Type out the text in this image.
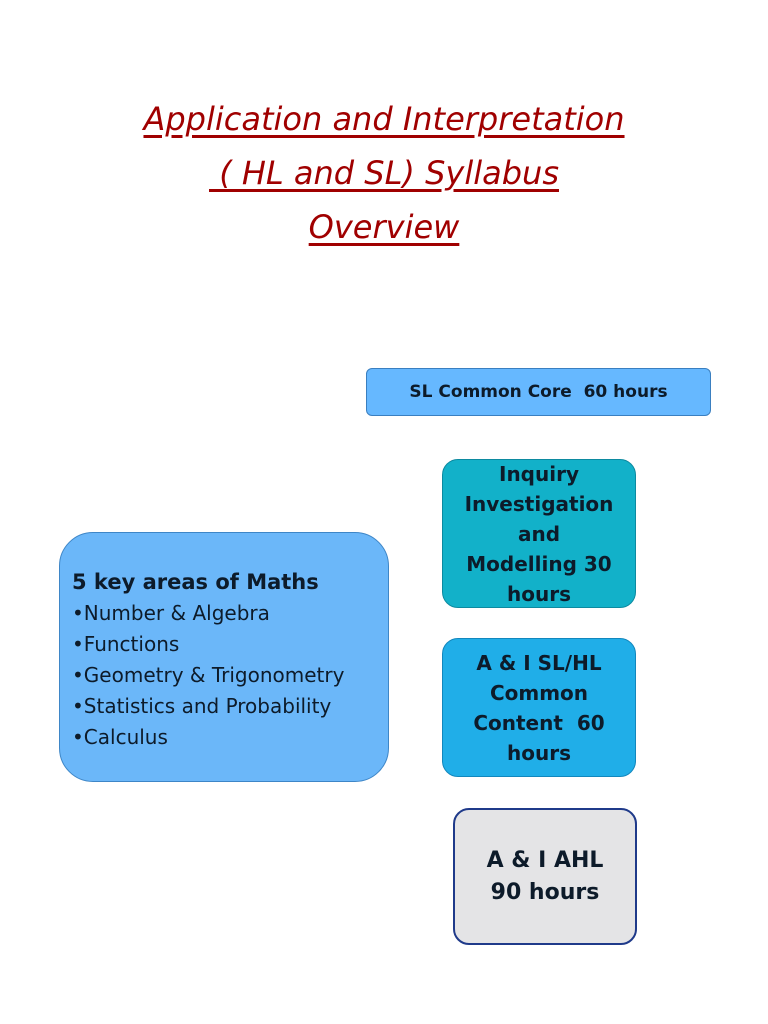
Application and Interpretation
( HL and SL) Syllabus
Overview
SL Common Core  60 hours
Inquiry
Investigation
and
Modelling 30
hours
A & I SL/HL
Common
Content  60
hours
A & I AHL
90 hours
5 key areas of Maths
•Number & Algebra
•Functions
•Geometry & Trigonometry
•Statistics and Probability
•Calculus
